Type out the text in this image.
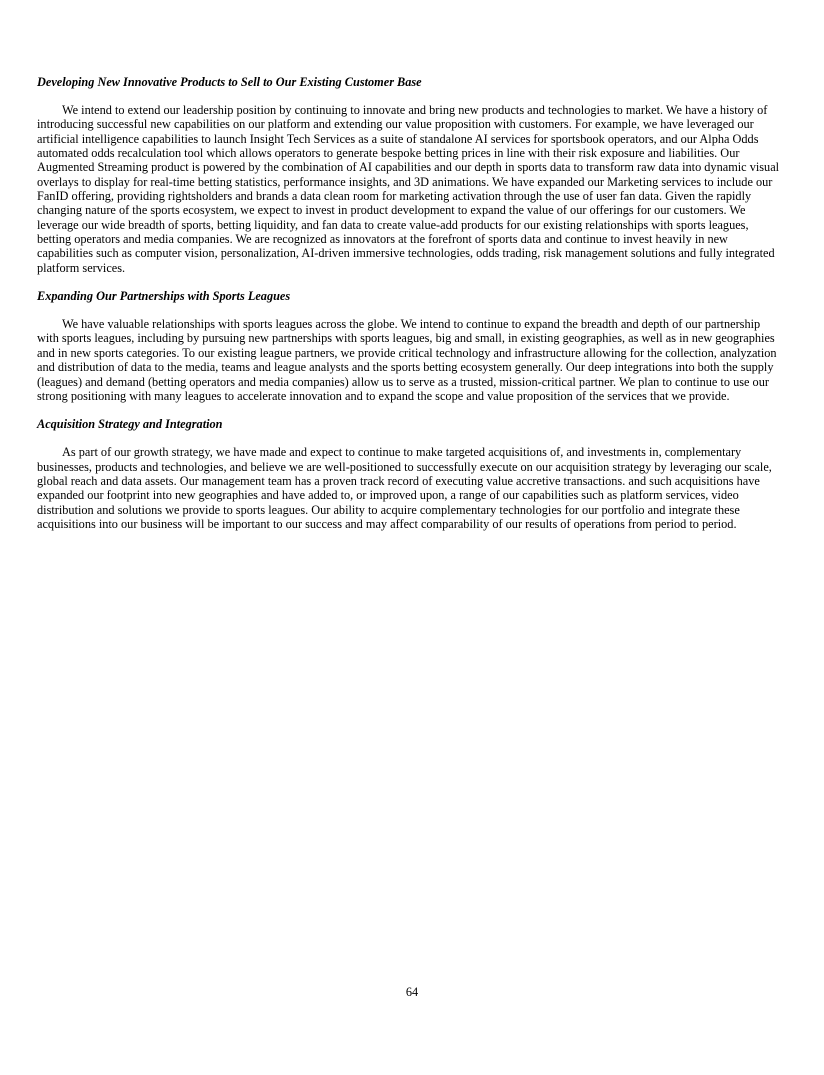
Developing New Innovative Products to Sell to Our Existing Customer Base

We intend to extend our leadership position by continuing to innovate and bring new products and technologies to market. We have a history of introducing successful new capabilities on our platform and extending our value proposition with customers. For example, we have leveraged our artificial intelligence capabilities to launch Insight Tech Services as a suite of standalone AI services for sportsbook operators, and our Alpha Odds automated odds recalculation tool which allows operators to generate bespoke betting prices in line with their risk exposure and liabilities. Our Augmented Streaming product is powered by the combination of AI capabilities and our depth in sports data to transform raw data into dynamic visual overlays to display for real-time betting statistics, performance insights, and 3D animations. We have expanded our Marketing services to include our FanID offering, providing rightsholders and brands a data clean room for marketing activation through the use of user fan data. Given the rapidly changing nature of the sports ecosystem, we expect to invest in product development to expand the value of our offerings for our customers. We leverage our wide breadth of sports, betting liquidity, and fan data to create value-add products for our existing relationships with sports leagues, betting operators and media companies. We are recognized as innovators at the forefront of sports data and continue to invest heavily in new capabilities such as computer vision, personalization, AI-driven immersive technologies, odds trading, risk management solutions and fully integrated platform services.

Expanding Our Partnerships with Sports Leagues

We have valuable relationships with sports leagues across the globe. We intend to continue to expand the breadth and depth of our partnership with sports leagues, including by pursuing new partnerships with sports leagues, big and small, in existing geographies, as well as in new geographies and in new sports categories. To our existing league partners, we provide critical technology and infrastructure allowing for the collection, analyzation and distribution of data to the media, teams and league analysts and the sports betting ecosystem generally. Our deep integrations into both the supply (leagues) and demand (betting operators and media companies) allow us to serve as a trusted, mission-critical partner. We plan to continue to use our strong positioning with many leagues to accelerate innovation and to expand the scope and value proposition of the services that we provide.

Acquisition Strategy and Integration

As part of our growth strategy, we have made and expect to continue to make targeted acquisitions of, and investments in, complementary businesses, products and technologies, and believe we are well-positioned to successfully execute on our acquisition strategy by leveraging our scale, global reach and data assets. Our management team has a proven track record of executing value accretive transactions. and such acquisitions have expanded our footprint into new geographies and have added to, or improved upon, a range of our capabilities such as platform services, video distribution and solutions we provide to sports leagues. Our ability to acquire complementary technologies for our portfolio and integrate these acquisitions into our business will be important to our success and may affect comparability of our results of operations from period to period.

64
